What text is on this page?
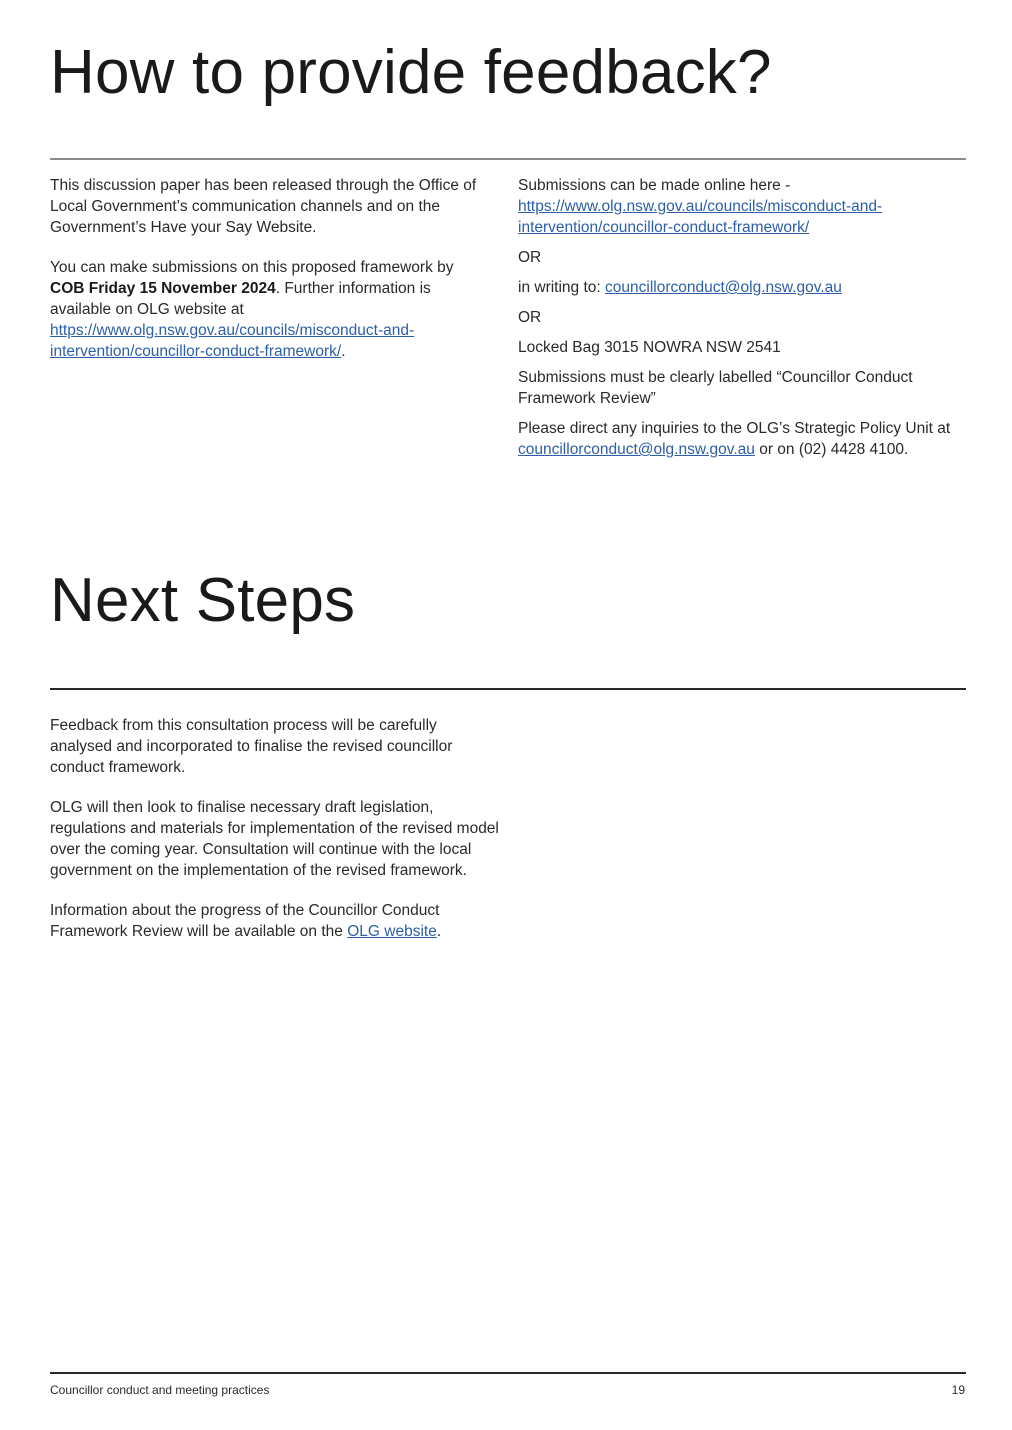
How to provide feedback?

This discussion paper has been released through the Office of Local Government’s communication channels and on the Government’s Have your Say Website.

You can make submissions on this proposed framework by COB Friday 15 November 2024. Further information is available on OLG website at https://www.olg.nsw.gov.au/councils/misconduct-and-intervention/councillor-conduct-framework/.

Submissions can be made online here - https://www.olg.nsw.gov.au/councils/misconduct-and-intervention/councillor-conduct-framework/

OR

in writing to: councillorconduct@olg.nsw.gov.au

OR

Locked Bag 3015 NOWRA NSW 2541

Submissions must be clearly labelled “Councillor Conduct Framework Review”

Please direct any inquiries to the OLG’s Strategic Policy Unit at councillorconduct@olg.nsw.gov.au or on (02) 4428 4100.

Next Steps

Feedback from this consultation process will be carefully analysed and incorporated to finalise the revised councillor conduct framework.

OLG will then look to finalise necessary draft legislation, regulations and materials for implementation of the revised model over the coming year. Consultation will continue with the local government on the implementation of the revised framework.

Information about the progress of the Councillor Conduct Framework Review will be available on the OLG website.

Councillor conduct and meeting practices	19
